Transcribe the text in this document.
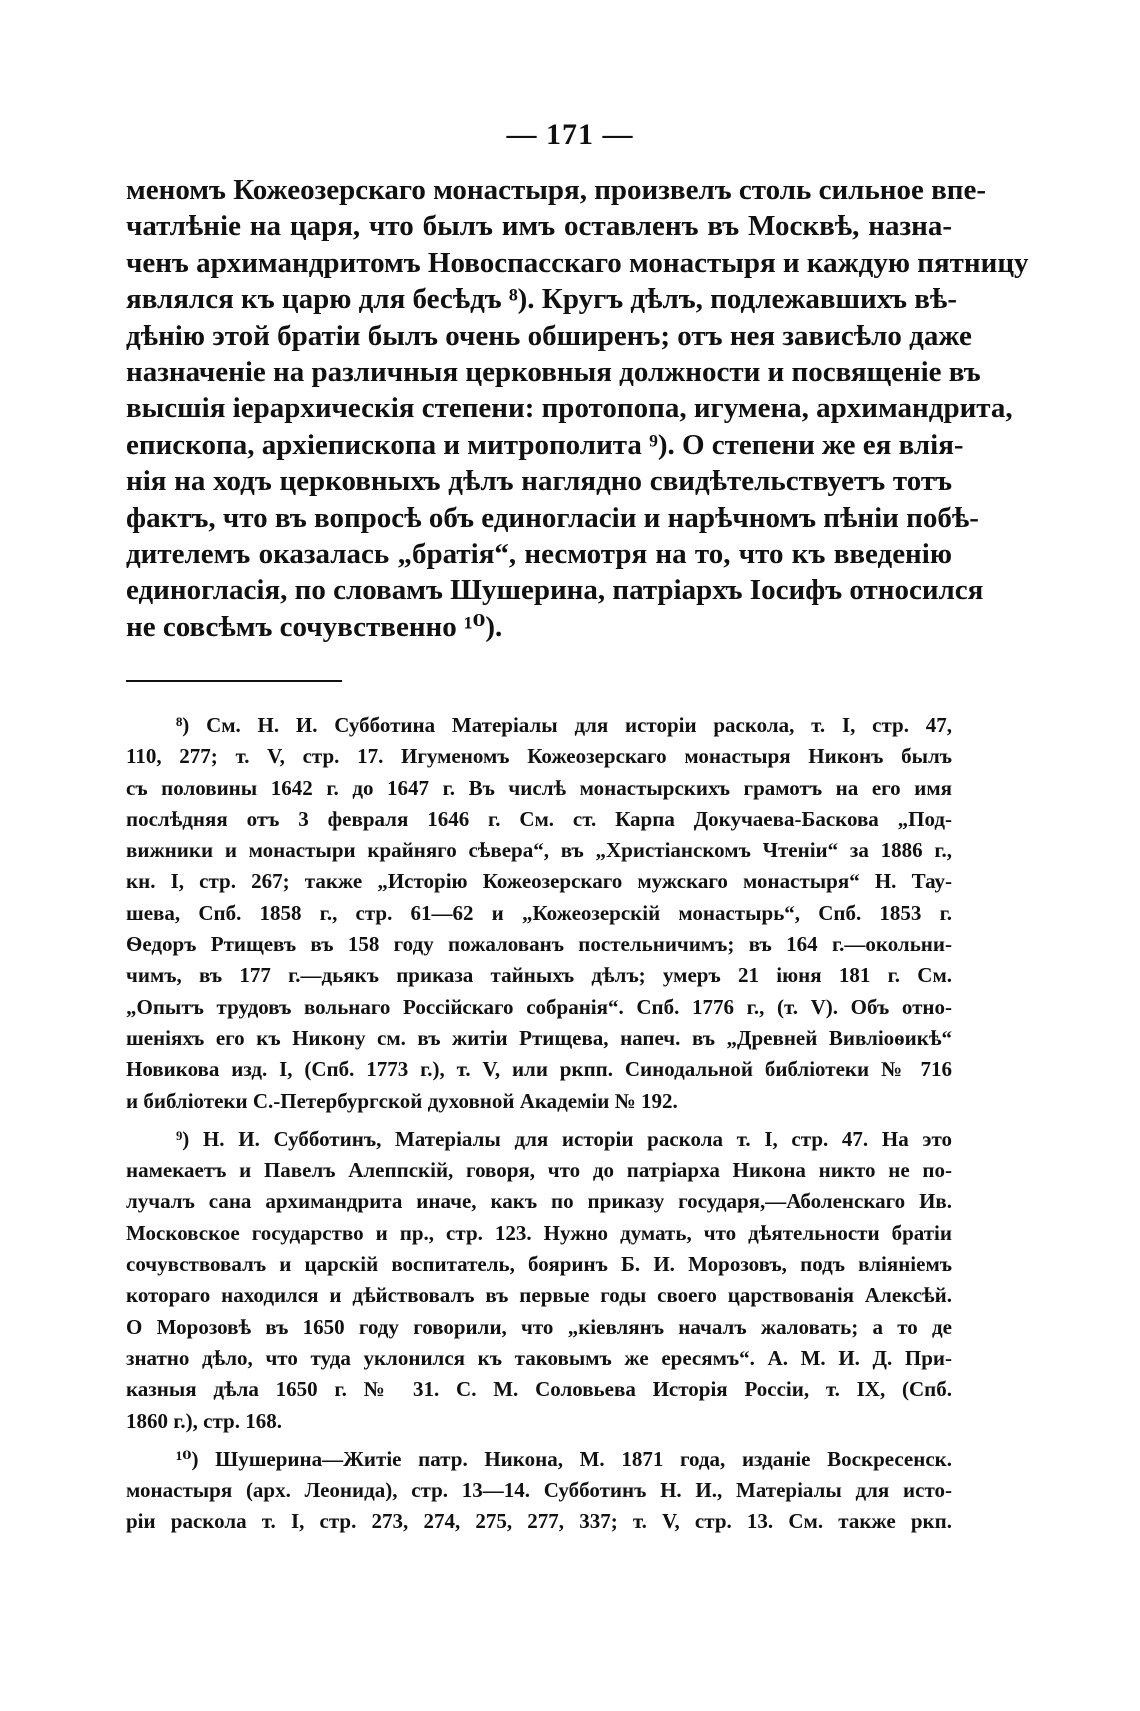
— 171 —
меномъ Кожеозерскаго монастыря, произвелъ столь сильное впе-
чатлѣніе на царя, что былъ имъ оставленъ въ Москвѣ, назна-
ченъ архимандритомъ Новоспасскаго монастыря и каждую пятницу
являлся къ царю для бесѣдъ ⁸). Кругъ дѣлъ, подлежавшихъ вѣ-
дѣнію этой братіи былъ очень обширенъ; отъ нея зависѣло даже
назначеніе на различныя церковныя должности и посвященіе въ
высшія іерархическія степени: протопопа, игумена, архимандрита,
епископа, архіепископа и митрополита ⁹). О степени же ея влія-
нія на ходъ церковныхъ дѣлъ наглядно свидѣтельствуетъ тотъ
фактъ, что въ вопросѣ объ единогласіи и нарѣчномъ пѣніи побѣ-
дителемъ оказалась „братія“, несмотря на то, что къ введенію
единогласія, по словамъ Шушерина, патріархъ Іосифъ относился
не совсѣмъ сочувственно ¹⁰).
⁸) См. Н. И. Субботина Матеріалы для исторіи раскола, т. I, стр. 47,
110, 277; т. V, стр. 17. Игуменомъ Кожеозерскаго монастыря Никонъ былъ
съ половины 1642 г. до 1647 г. Въ числѣ монастырскихъ грамотъ на его имя
послѣдняя отъ 3 февраля 1646 г. См. ст. Карпа Докучаева-Баскова „Под-
вижники и монастыри крайняго сѣвера“, въ „Христіанскомъ Чтеніи“ за 1886 г.,
кн. I, стр. 267; также „Исторію Кожеозерскаго мужскаго монастыря“ Н. Тау-
шева, Спб. 1858 г., стр. 61—62 и „Кожеозерскій монастырь“, Спб. 1853 г.
Ѳедоръ Ртищевъ въ 158 году пожалованъ постельничимъ; въ 164 г.—окольни-
чимъ, въ 177 г.—дьякъ приказа тайныхъ дѣлъ; умеръ 21 іюня 181 г. См.
„Опытъ трудовъ вольнаго Россійскаго собранія“. Спб. 1776 г., (т. V). Объ отно-
шеніяхъ его къ Никону см. въ житіи Ртищева, напеч. въ „Древней Вивліоѳикѣ“
Новикова изд. I, (Спб. 1773 г.), т. V, или ркпп. Синодальной библіотеки № 716
и библіотеки С.-Петербургской духовной Академіи № 192.
⁹) Н. И. Субботинъ, Матеріалы для исторіи раскола т. I, стр. 47. На это
намекаетъ и Павелъ Алеппскій, говоря, что до патріарха Никона никто не по-
лучалъ сана архимандрита иначе, какъ по приказу государя,—Аболенскаго Ив.
Московское государство и пр., стр. 123. Нужно думать, что дѣятельности братіи
сочувствовалъ и царскій воспитатель, бояринъ Б. И. Морозовъ, подъ вліяніемъ
котораго находился и дѣйствовалъ въ первые годы своего царствованія Алексѣй.
О Морозовѣ въ 1650 году говорили, что „кіевлянъ началъ жаловать; а то де
знатно дѣло, что туда уклонился къ таковымъ же ересямъ“. А. М. И. Д. При-
казныя дѣла 1650 г. № 31. С. М. Соловьева Исторія Россіи, т. IX, (Спб.
1860 г.), стр. 168.
¹⁰) Шушерина—Житіе патр. Никона, М. 1871 года, изданіе Воскресенск.
монастыря (арх. Леонида), стр. 13—14. Субботинъ Н. И., Матеріалы для исто-
ріи раскола т. I, стр. 273, 274, 275, 277, 337; т. V, стр. 13. См. также ркп.
